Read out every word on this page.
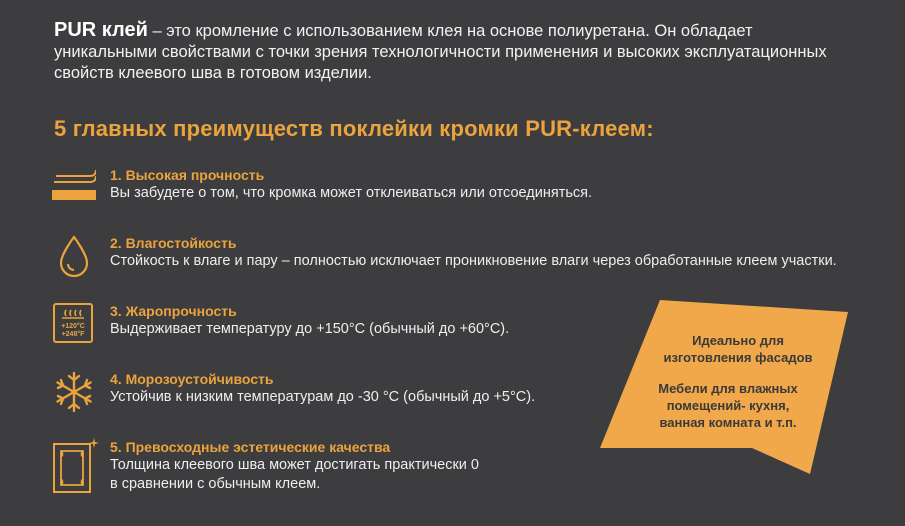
PUR клей – это кромление с использованием клея на основе полиуретана. Он обладает уникальными свойствами с точки зрения технологичности применения и высоких эксплуатационных свойств клеевого шва в готовом изделии.
5 главных преимуществ поклейки кромки PUR-клеем:
1. Высокая прочность
Вы забудете о том, что кромка может отклеиваться или отсоединяться.
2. Влагостойкость
Стойкость к влаге и пару – полностью исключает проникновение влаги через обработанные клеем участки.
+120°C
+248°F
3. Жаропрочность
Выдерживает температуру до +150°C (обычный до +60°C).
4. Морозоустойчивость
Устойчив к низким температурам до -30 °C (обычный до +5°C).
5. Превосходные эстетические качества
Толщина клеевого шва может достигать практически 0
в сравнении с обычным клеем.
Идеально для
изготовления фасадов
Мебели для влажных
помещений- кухня,
ванная комната и т.п.
